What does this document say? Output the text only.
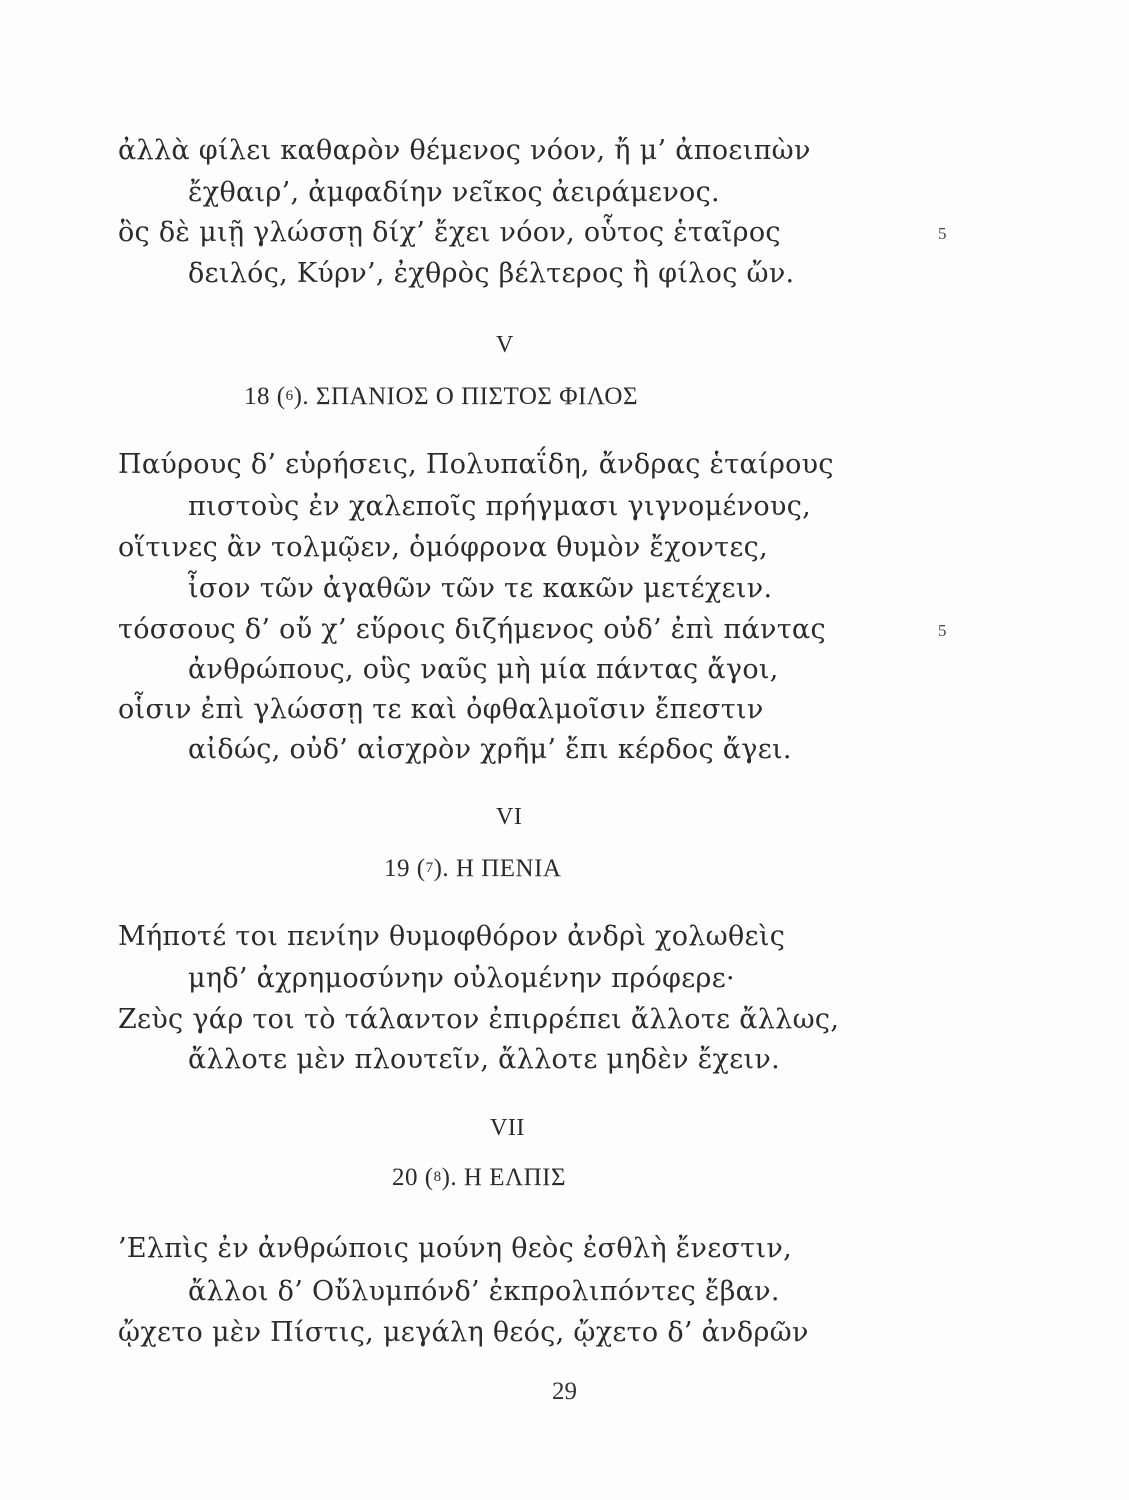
ἀλλὰ φίλει καθαρὸν θέμενος νόον, ἤ μ’ ἀποειπὼν
ἔχθαιρ’, ἀμφαδίην νεῖκος ἀειράμενος.
ὃς δὲ μιῇ γλώσσῃ δίχ’ ἔχει νόον, οὗτος ἑταῖρος	5
δειλός, Κύρν’, ἐχθρὸς βέλτερος ἢ φίλος ὤν.
V
18 ($^6$). ΣΠΑΝΙΟΣ Ο ΠΙΣΤΟΣ ΦΙΛΟΣ
Παύρους δ’ εὑρήσεις, Πολυπαΐδη, ἄνδρας ἑταίρους
πιστοὺς ἐν χαλεποῖς πρήγμασι γιγνομένους,
οἵτινες ἂν τολμῷεν, ὁμόφρονα θυμὸν ἔχοντες,
ἶσον τῶν ἀγαθῶν τῶν τε κακῶν μετέχειν.
τόσσους δ’ οὔ χ’ εὕροις διζήμενος οὐδ’ ἐπὶ πάντας	5
ἀνθρώπους, οὓς ναῦς μὴ μία πάντας ἄγοι,
οἷσιν ἐπὶ γλώσσῃ τε καὶ ὀφθαλμοῖσιν ἔπεστιν
αἰδώς, οὐδ’ αἰσχρὸν χρῆμ’ ἔπι κέρδος ἄγει.
VI
19 ($^7$). Η ΠΕΝΙΑ
Μήποτέ τοι πενίην θυμοφθόρον ἀνδρὶ χολωθεὶς
μηδ’ ἀχρημοσύνην οὐλομένην πρόφερε·
Ζεὺς γάρ τοι τὸ τάλαντον ἐπιρρέπει ἄλλοτε ἄλλως,
ἄλλοτε μὲν πλουτεῖν, ἄλλοτε μηδὲν ἔχειν.
VII
20 ($^8$). Η ΕΛΠΙΣ
’Ελπὶς ἐν ἀνθρώποις μούνη θεὸς ἐσθλὴ ἔνεστιν,
ἄλλοι δ’ Οὔλυμπόνδ’ ἐκπρολιπόντες ἔβαν.
ᾤχετο μὲν Πίστις, μεγάλη θεός, ᾤχετο δ’ ἀνδρῶν
29
